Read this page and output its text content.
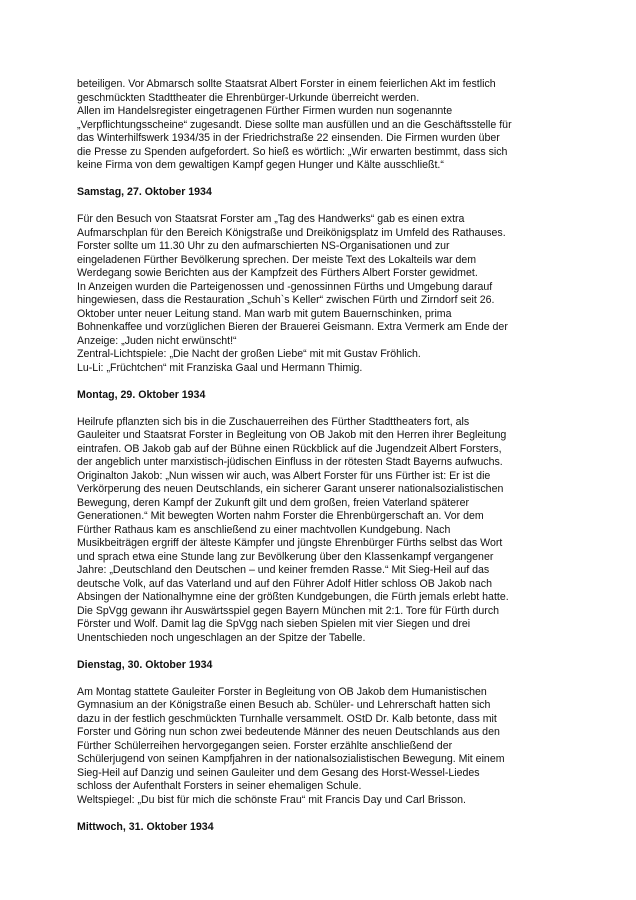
beteiligen. Vor Abmarsch sollte Staatsrat Albert Forster in einem feierlichen Akt im festlich
geschmückten Stadttheater die Ehrenbürger-Urkunde überreicht werden.
Allen im Handelsregister eingetragenen Fürther Firmen wurden nun sogenannte
„Verpflichtungsscheine“ zugesandt. Diese sollte man ausfüllen und an die Geschäftsstelle für
das Winterhilfswerk 1934/35 in der Friedrichstraße 22 einsenden. Die Firmen wurden über
die Presse zu Spenden aufgefordert. So hieß es wörtlich: „Wir erwarten bestimmt, dass sich
keine Firma von dem gewaltigen Kampf gegen Hunger und Kälte ausschließt.“

Samstag, 27. Oktober 1934

Für den Besuch von Staatsrat Forster am „Tag des Handwerks“ gab es einen extra
Aufmarschplan für den Bereich Königstraße und Dreikönigsplatz im Umfeld des Rathauses.
Forster sollte um 11.30 Uhr zu den aufmarschierten NS-Organisationen und zur
eingeladenen Fürther Bevölkerung sprechen. Der meiste Text des Lokalteils war dem
Werdegang sowie Berichten aus der Kampfzeit des Fürthers Albert Forster gewidmet.
In Anzeigen wurden die Parteigenossen und -genossinnen Fürths und Umgebung darauf
hingewiesen, dass die Restauration „Schuh`s Keller“ zwischen Fürth und Zirndorf seit 26.
Oktober unter neuer Leitung stand. Man warb mit gutem Bauernschinken, prima
Bohnenkaffee und vorzüglichen Bieren der Brauerei Geismann. Extra Vermerk am Ende der
Anzeige: „Juden nicht erwünscht!“
Zentral-Lichtspiele: „Die Nacht der großen Liebe“ mit mit Gustav Fröhlich.
Lu-Li: „Früchtchen“ mit Franziska Gaal und Hermann Thimig.

Montag, 29. Oktober 1934

Heilrufe pflanzten sich bis in die Zuschauerreihen des Fürther Stadttheaters fort, als
Gauleiter und Staatsrat Forster in Begleitung von OB Jakob mit den Herren ihrer Begleitung
eintrafen. OB Jakob gab auf der Bühne einen Rückblick auf die Jugendzeit Albert Forsters,
der angeblich unter marxistisch-jüdischen Einfluss in der rötesten Stadt Bayerns aufwuchs.
Originalton Jakob: „Nun wissen wir auch, was Albert Forster für uns Fürther ist: Er ist die
Verkörperung des neuen Deutschlands, ein sicherer Garant unserer nationalsozialistischen
Bewegung, deren Kampf der Zukunft gilt und dem großen, freien Vaterland späterer
Generationen.“ Mit bewegten Worten nahm Forster die Ehrenbürgerschaft an. Vor dem
Fürther Rathaus kam es anschließend zu einer machtvollen Kundgebung. Nach
Musikbeiträgen ergriff der älteste Kämpfer und jüngste Ehrenbürger Fürths selbst das Wort
und sprach etwa eine Stunde lang zur Bevölkerung über den Klassenkampf vergangener
Jahre: „Deutschland den Deutschen – und keiner fremden Rasse.“ Mit Sieg-Heil auf das
deutsche Volk, auf das Vaterland und auf den Führer Adolf Hitler schloss OB Jakob nach
Absingen der Nationalhymne eine der größten Kundgebungen, die Fürth jemals erlebt hatte.
Die SpVgg gewann ihr Auswärtsspiel gegen Bayern München mit 2:1. Tore für Fürth durch
Förster und Wolf. Damit lag die SpVgg nach sieben Spielen mit vier Siegen und drei
Unentschieden noch ungeschlagen an der Spitze der Tabelle.

Dienstag, 30. Oktober 1934

Am Montag stattete Gauleiter Forster in Begleitung von OB Jakob dem Humanistischen
Gymnasium an der Königstraße einen Besuch ab. Schüler- und Lehrerschaft hatten sich
dazu in der festlich geschmückten Turnhalle versammelt. OStD Dr. Kalb betonte, dass mit
Forster und Göring nun schon zwei bedeutende Männer des neuen Deutschlands aus den
Fürther Schülerreihen hervorgegangen seien. Forster erzählte anschließend der
Schülerjugend von seinen Kampfjahren in der nationalsozialistischen Bewegung. Mit einem
Sieg-Heil auf Danzig und seinen Gauleiter und dem Gesang des Horst-Wessel-Liedes
schloss der Aufenthalt Forsters in seiner ehemaligen Schule.
Weltspiegel: „Du bist für mich die schönste Frau“ mit Francis Day und Carl Brisson.

Mittwoch, 31. Oktober 1934
